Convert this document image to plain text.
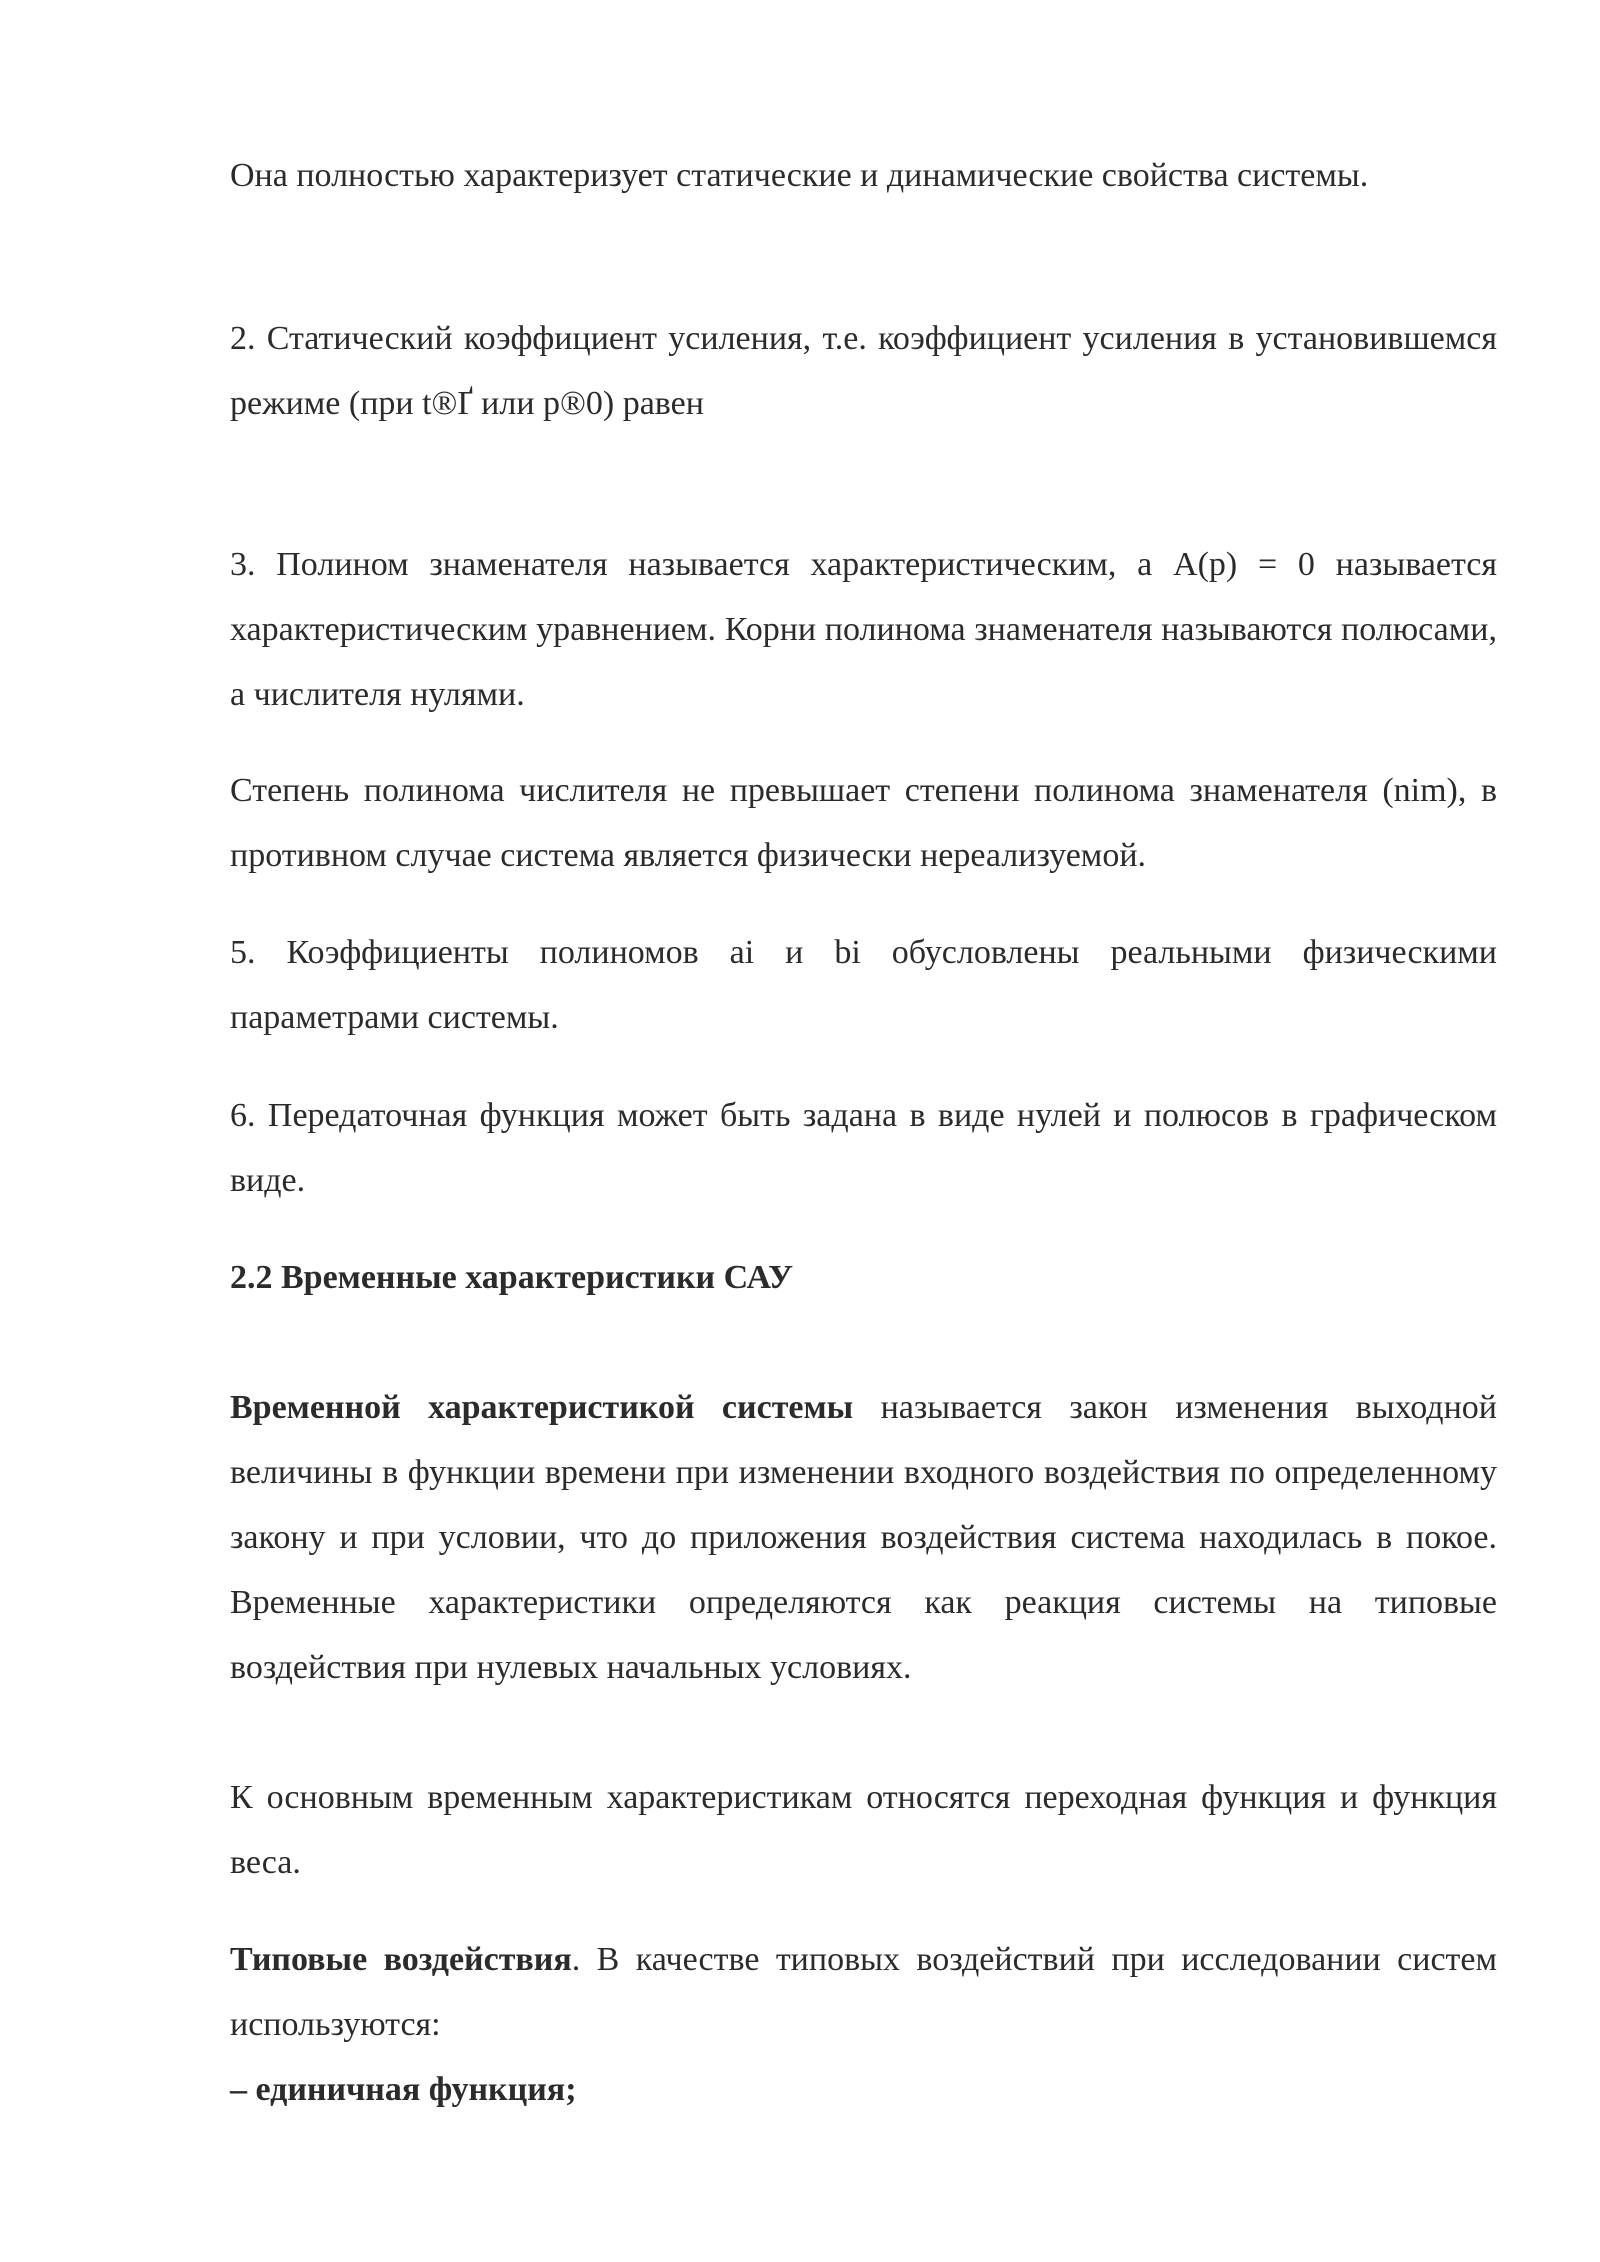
Она полностью характеризует статические и динамические свойства системы.

2. Статический коэффициент усиления, т.е. коэффициент усиления в установившемся режиме (при t®Ґ или p®0) равен

3. Полином знаменателя называется характеристическим, а A(p) = 0 называется характеристическим уравнением. Корни полинома знаменателя называются полюсами, а числителя нулями.

Степень полинома числителя не превышает степени полинома знаменателя (nіm), в противном случае система является физически нереализуемой.

5. Коэффициенты полиномов ai и bi обусловлены реальными физическими параметрами системы.

6. Передаточная функция может быть задана в виде нулей и полюсов в графическом виде.

2.2 Временные характеристики САУ

Временной характеристикой системы называется закон изменения выходной величины в функции времени при изменении входного воздействия по определенному закону и при условии, что до приложения воздействия система находилась в покое. Временные характеристики определяются как реакция системы на типовые воздействия при нулевых начальных условиях.

К основным временным характеристикам относятся переходная функция и функция веса.

Типовые воздействия. В качестве типовых воздействий при исследовании систем используются:

– единичная функция;
